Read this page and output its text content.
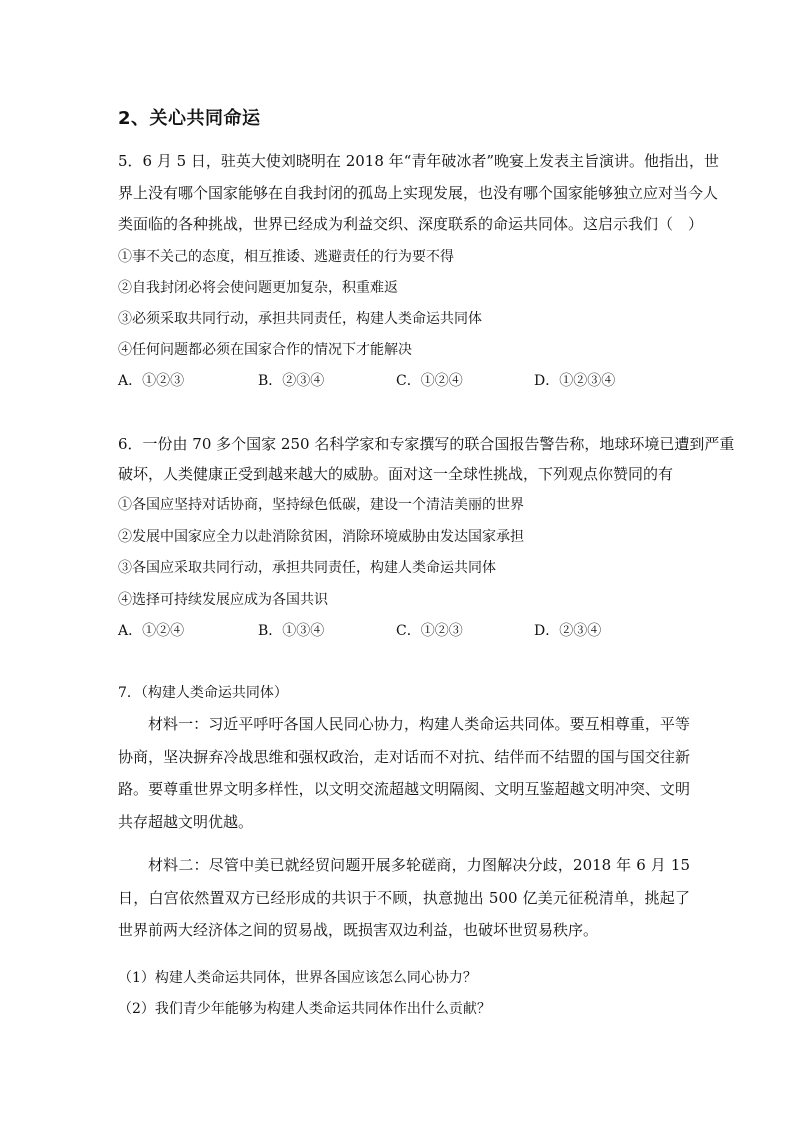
2、关心共同命运
5．6 月 5 日，驻英大使刘晓明在 2018 年“青年破冰者”晚宴上发表主旨演讲。他指出，世
界上没有哪个国家能够在自我封闭的孤岛上实现发展，也没有哪个国家能够独立应对当今人
类面临的各种挑战，世界已经成为利益交织、深度联系的命运共同体。这启示我们（　）
①事不关己的态度，相互推诿、逃避责任的行为要不得
②自我封闭必将会使问题更加复杂，积重难返
③必须采取共同行动，承担共同责任，构建人类命运共同体
④任何问题都必须在国家合作的情况下才能解决
A．①②③	B．②③④	C．①②④	D．①②③④
6．一份由 70 多个国家 250 名科学家和专家撰写的联合国报告警告称，地球环境已遭到严重
破坏，人类健康正受到越来越大的威胁。面对这一全球性挑战，下列观点你赞同的有
①各国应坚持对话协商，坚持绿色低碳，建设一个清洁美丽的世界
②发展中国家应全力以赴消除贫困，消除环境威胁由发达国家承担
③各国应采取共同行动，承担共同责任，构建人类命运共同体
④选择可持续发展应成为各国共识
A．①②④	B．①③④	C．①②③	D．②③④
7．（构建人类命运共同体）
材料一：习近平呼吁各国人民同心协力，构建人类命运共同体。要互相尊重，平等协商，坚决摒弃冷战思维和强权政治，走对话而不对抗、结伴而不结盟的国与国交往新路。要尊重世界文明多样性，以文明交流超越文明隔阂、文明互鉴超越文明冲突、文明共存超越文明优越。
材料二：尽管中美已就经贸问题开展多轮磋商，力图解决分歧，2018 年 6 月 15 日，白宫依然置双方已经形成的共识于不顾，执意抛出 500 亿美元征税清单，挑起了世界前两大经济体之间的贸易战，既损害双边利益，也破坏世贸易秩序。
（1）构建人类命运共同体，世界各国应该怎么同心协力？
（2）我们青少年能够为构建人类命运共同体作出什么贡献？
